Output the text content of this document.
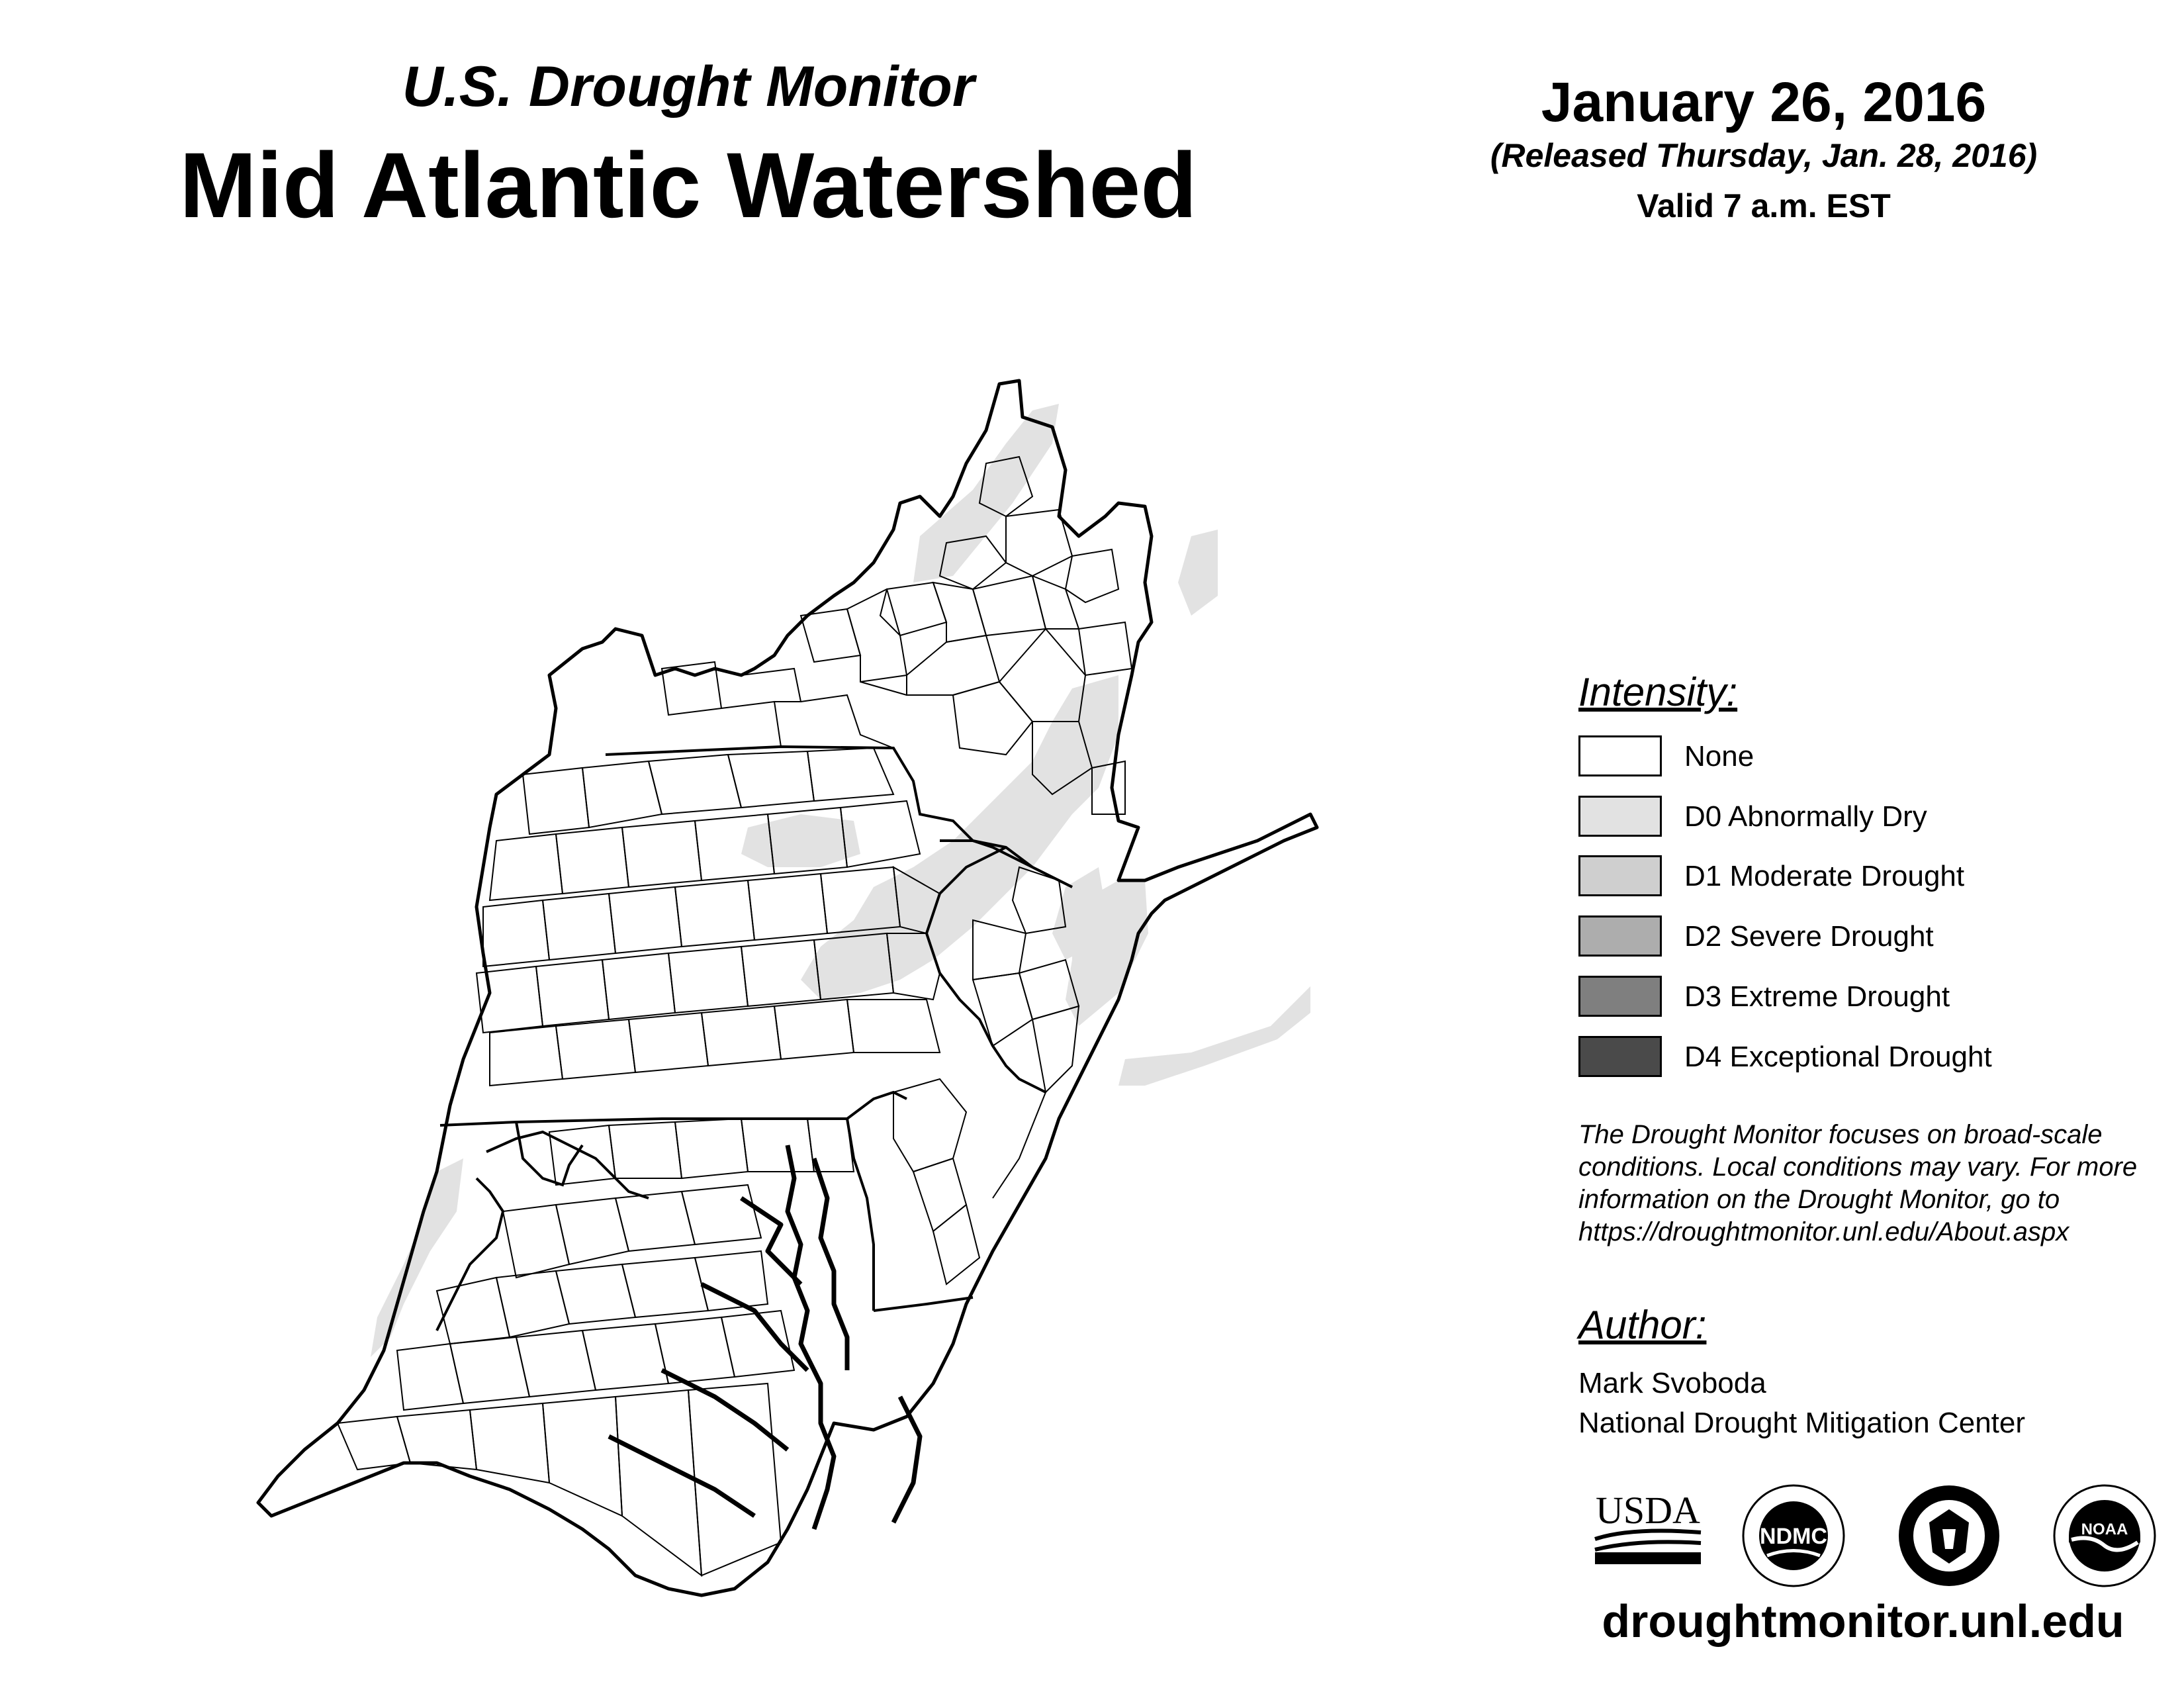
U.S. Drought Monitor
Mid Atlantic Watershed
January 26, 2016
(Released Thursday, Jan. 28, 2016)
Valid 7 a.m. EST
Intensity:
None
D0 Abnormally Dry
D1 Moderate Drought
D2 Severe Drought
D3 Extreme Drought
D4 Exceptional Drought
The Drought Monitor focuses on broad-scale
conditions. Local conditions may vary. For more
information on the Drought Monitor, go to
https://droughtmonitor.unl.edu/About.aspx
Author:
Mark Svoboda
National Drought Mitigation Center
USDA
NDMC	NOAA
droughtmonitor.unl.edu
